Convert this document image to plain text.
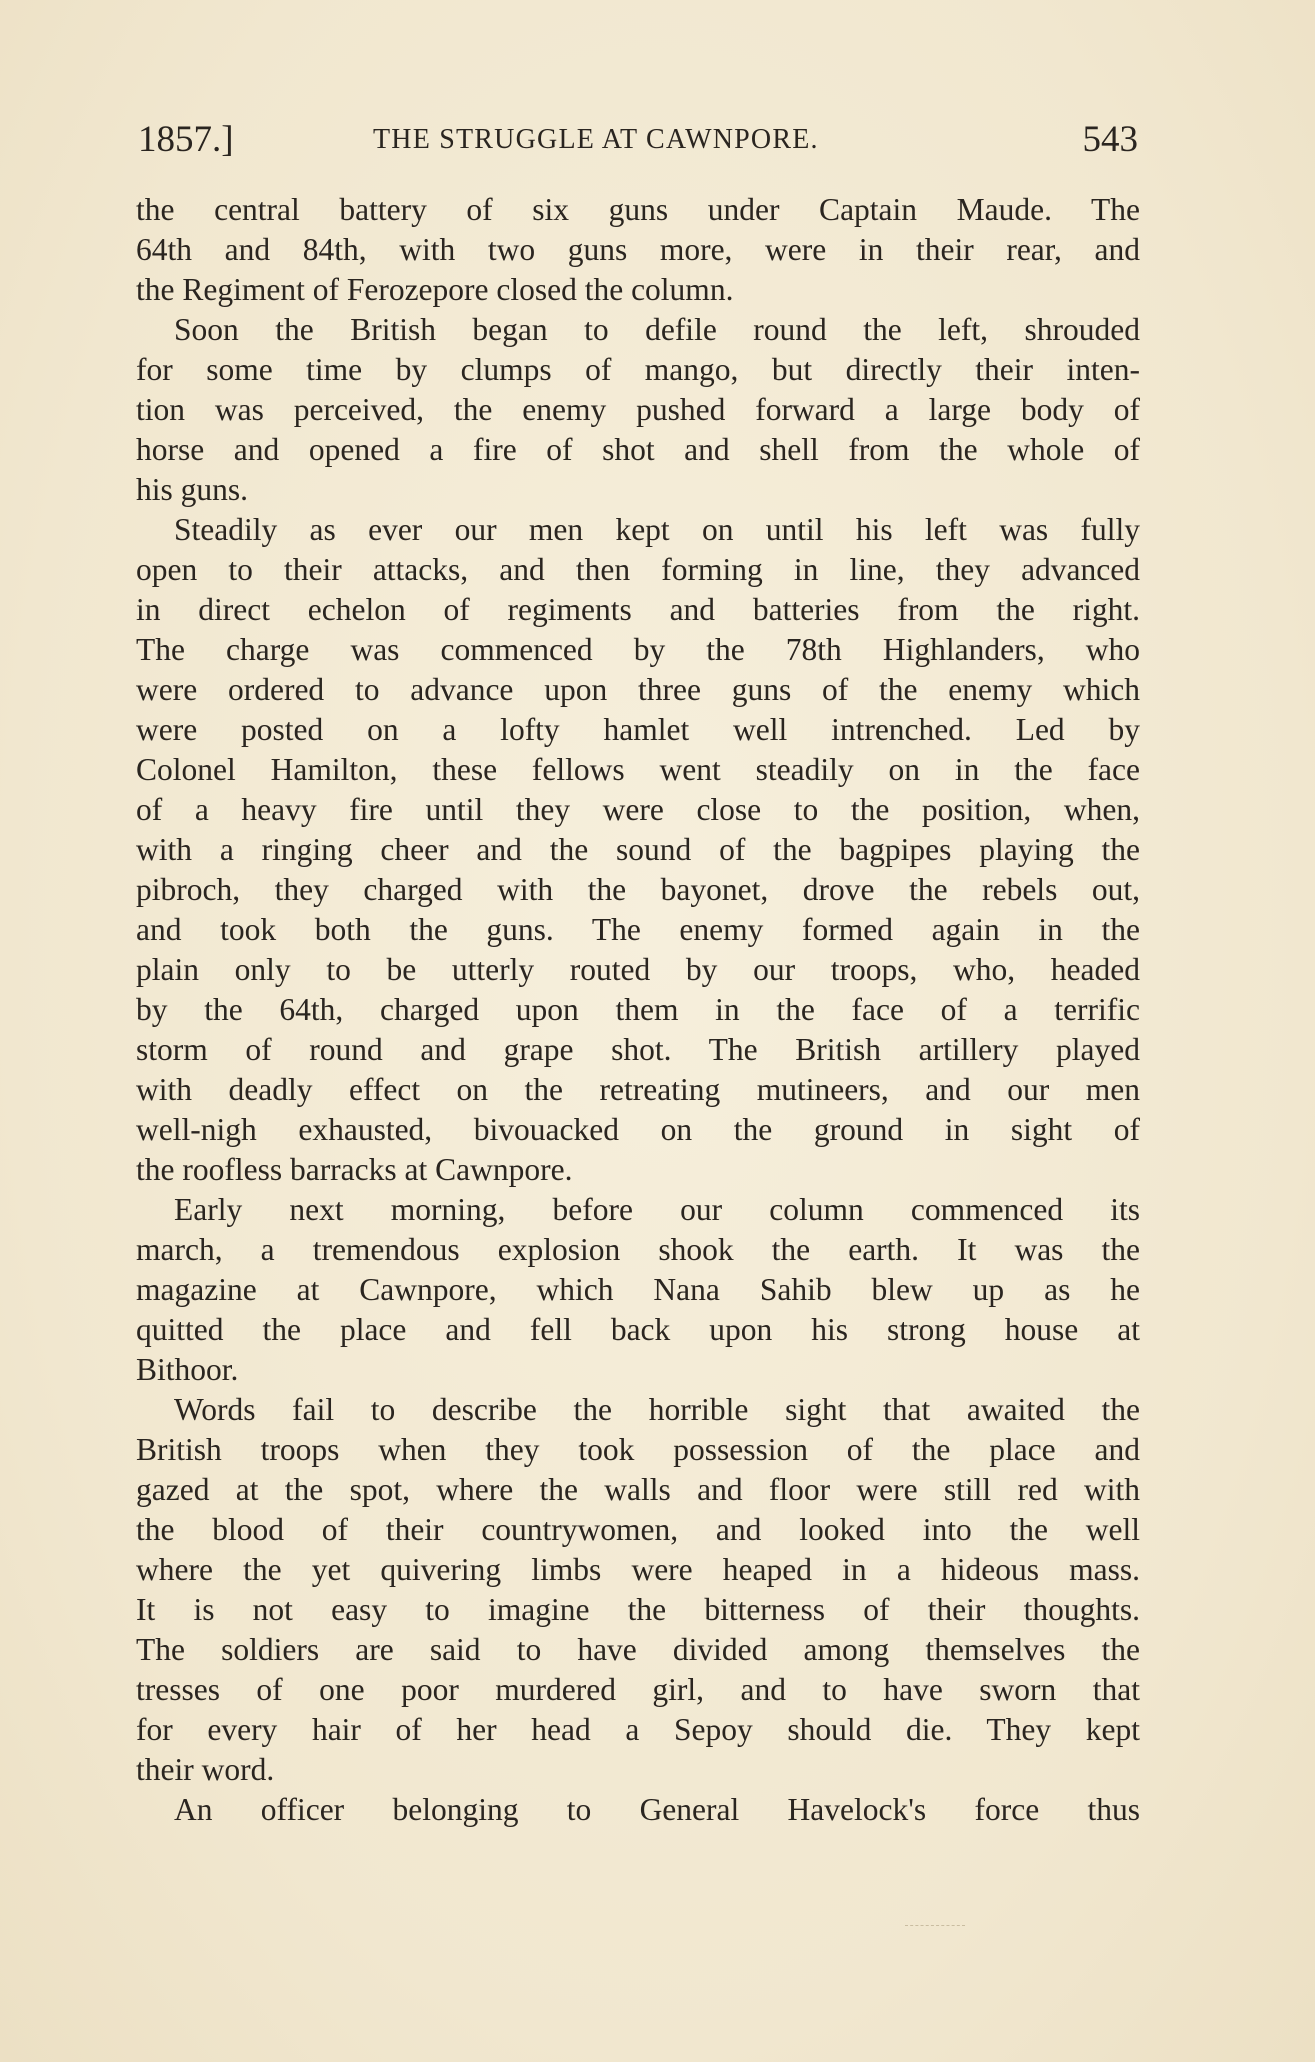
1857.]	THE STRUGGLE AT CAWNPORE.	543
the central battery of six guns under Captain Maude. The
64th and 84th, with two guns more, were in their rear, and
the Regiment of Ferozepore closed the column.
Soon the British began to defile round the left, shrouded
for some time by clumps of mango, but directly their inten-
tion was perceived, the enemy pushed forward a large body of
horse and opened a fire of shot and shell from the whole of
his guns.
Steadily as ever our men kept on until his left was fully
open to their attacks, and then forming in line, they advanced
in direct echelon of regiments and batteries from the right.
The charge was commenced by the 78th Highlanders, who
were ordered to advance upon three guns of the enemy which
were posted on a lofty hamlet well intrenched. Led by
Colonel Hamilton, these fellows went steadily on in the face
of a heavy fire until they were close to the position, when,
with a ringing cheer and the sound of the bagpipes playing the
pibroch, they charged with the bayonet, drove the rebels out,
and took both the guns. The enemy formed again in the
plain only to be utterly routed by our troops, who, headed
by the 64th, charged upon them in the face of a terrific
storm of round and grape shot. The British artillery played
with deadly effect on the retreating mutineers, and our men
well-nigh exhausted, bivouacked on the ground in sight of
the roofless barracks at Cawnpore.
Early next morning, before our column commenced its
march, a tremendous explosion shook the earth. It was the
magazine at Cawnpore, which Nana Sahib blew up as he
quitted the place and fell back upon his strong house at
Bithoor.
Words fail to describe the horrible sight that awaited the
British troops when they took possession of the place and
gazed at the spot, where the walls and floor were still red with
the blood of their countrywomen, and looked into the well
where the yet quivering limbs were heaped in a hideous mass.
It is not easy to imagine the bitterness of their thoughts.
The soldiers are said to have divided among themselves the
tresses of one poor murdered girl, and to have sworn that
for every hair of her head a Sepoy should die. They kept
their word.
An officer belonging to General Havelock's force thus
